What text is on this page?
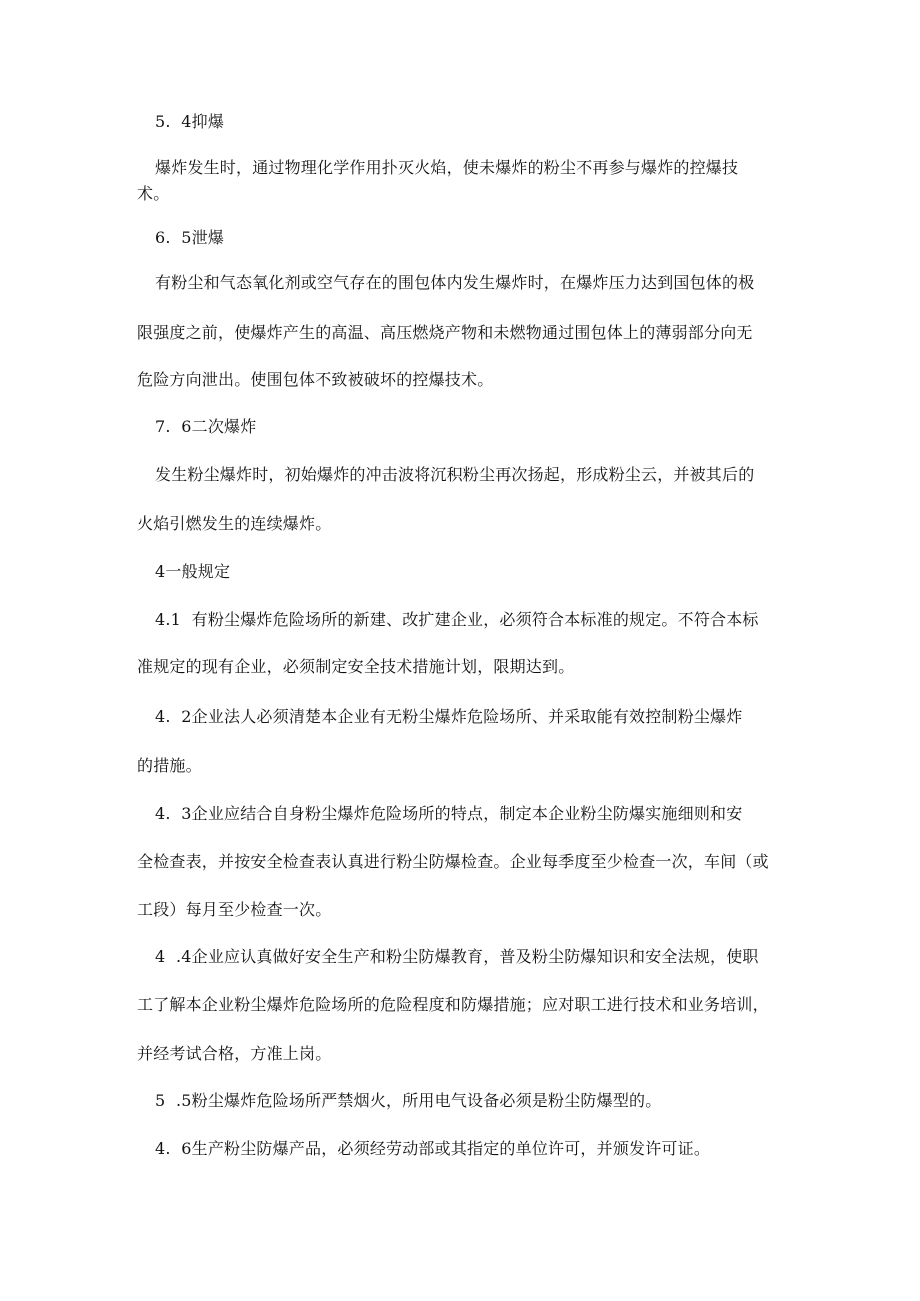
5.  4抑爆
爆炸发生时，通过物理化学作用扑灭火焰，使未爆炸的粉尘不再参与爆炸的控爆技
术。
6.  5泄爆
有粉尘和气态氧化剂或空气存在的围包体内发生爆炸时，在爆炸压力达到国包体的极
限强度之前，使爆炸产生的高温、高压燃烧产物和未燃物通过围包体上的薄弱部分向无
危险方向泄出。使围包体不致被破坏的控爆技术。
7.  6二次爆炸
发生粉尘爆炸时，初始爆炸的冲击波将沉积粉尘再次扬起，形成粉尘云，并被其后的
火焰引燃发生的连续爆炸。
4一般规定
4.1  有粉尘爆炸危险场所的新建、改扩建企业，必须符合本标准的规定。不符合本标
准规定的现有企业，必须制定安全技术措施计划，限期达到。
4.  2企业法人必须清楚本企业有无粉尘爆炸危险场所、并采取能有效控制粉尘爆炸
的措施。
4.  3企业应结合自身粉尘爆炸危险场所的特点，制定本企业粉尘防爆实施细则和安
全检查表，并按安全检查表认真进行粉尘防爆检查。企业每季度至少检查一次，车间（或
工段）每月至少检查一次。
4  .4企业应认真做好安全生产和粉尘防爆教育，普及粉尘防爆知识和安全法规，使职
工了解本企业粉尘爆炸危险场所的危险程度和防爆措施；应对职工进行技术和业务培训，
并经考试合格，方准上岗。
5  .5粉尘爆炸危险场所严禁烟火，所用电气设备必须是粉尘防爆型的。
4.  6生产粉尘防爆产品，必须经劳动部或其指定的单位许可，并颁发许可证。
